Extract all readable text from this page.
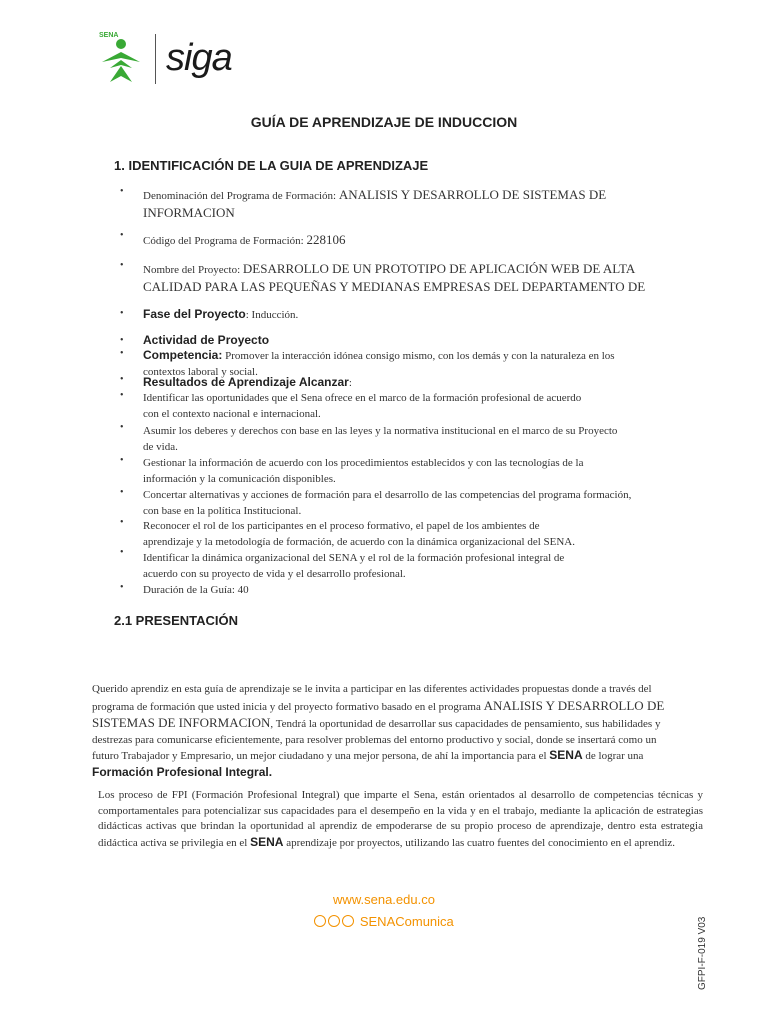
SENA
siga
GUÍA DE APRENDIZAJE DE INDUCCION
1. IDENTIFICACIÓN DE LA GUIA DE APRENDIZAJE
• Denominación del Programa de Formación: ANALISIS Y DESARROLLO DE SISTEMAS DE
INFORMACION
• Código del Programa de Formación: 228106
• Nombre del Proyecto: DESARROLLO DE UN PROTOTIPO DE APLICACIÓN WEB DE ALTA
CALIDAD PARA LAS PEQUEÑAS Y MEDIANAS EMPRESAS DEL DEPARTAMENTO DE
• Fase del Proyecto: Inducción.
• Actividad de Proyecto
• Competencia: Promover la interacción idónea consigo mismo, con los demás y con la naturaleza en los
contextos laboral y social.
• Resultados de Aprendizaje Alcanzar:
• Identificar las oportunidades que el Sena ofrece en el marco de la formación profesional de acuerdo
con el contexto nacional e internacional.
• Asumir los deberes y derechos con base en las leyes y la normativa institucional en el marco de su Proyecto
de vida.
• Gestionar la información de acuerdo con los procedimientos establecidos y con las tecnologías de la
información y la comunicación disponibles.
• Concertar alternativas y acciones de formación para el desarrollo de las competencias del programa formación,
con base en la política Institucional.
• Reconocer el rol de los participantes en el proceso formativo, el papel de los ambientes de
aprendizaje y la metodología de formación, de acuerdo con la dinámica organizacional del SENA.
• Identificar la dinámica organizacional del SENA y el rol de la formación profesional integral de
acuerdo con su proyecto de vida y el desarrollo profesional.
• Duración de la Guía: 40
2.1 PRESENTACIÓN
Querido aprendiz en esta guía de aprendizaje se le invita a participar en las diferentes actividades propuestas donde a través del programa de formación que usted inicia y del proyecto formativo basado en el programa ANALISIS Y DESARROLLO DE SISTEMAS DE INFORMACION, Tendrá la oportunidad de desarrollar sus capacidades de pensamiento, sus habilidades y destrezas para comunicarse eficientemente, para resolver problemas del entorno productivo y social, donde se insertará como un futuro Trabajador y Empresario, un mejor ciudadano y una mejor persona, de ahí la importancia para el SENA de lograr una Formación Profesional Integral.
Los proceso de FPI (Formación Profesional Integral) que imparte el Sena, están orientados al desarrollo de competencias técnicas y comportamentales para potencializar sus capacidades para el desempeño en la vida y en el trabajo, mediante la aplicación de estrategias didácticas activas que brindan la oportunidad al aprendiz de empoderarse de su propio proceso de aprendizaje, dentro esta estrategia didáctica activa se privilegia en el SENA aprendizaje por proyectos, utilizando las cuatro fuentes del conocimiento en el aprendiz.
www.sena.edu.co
SENAComunica	GFPI-F-019 V03
